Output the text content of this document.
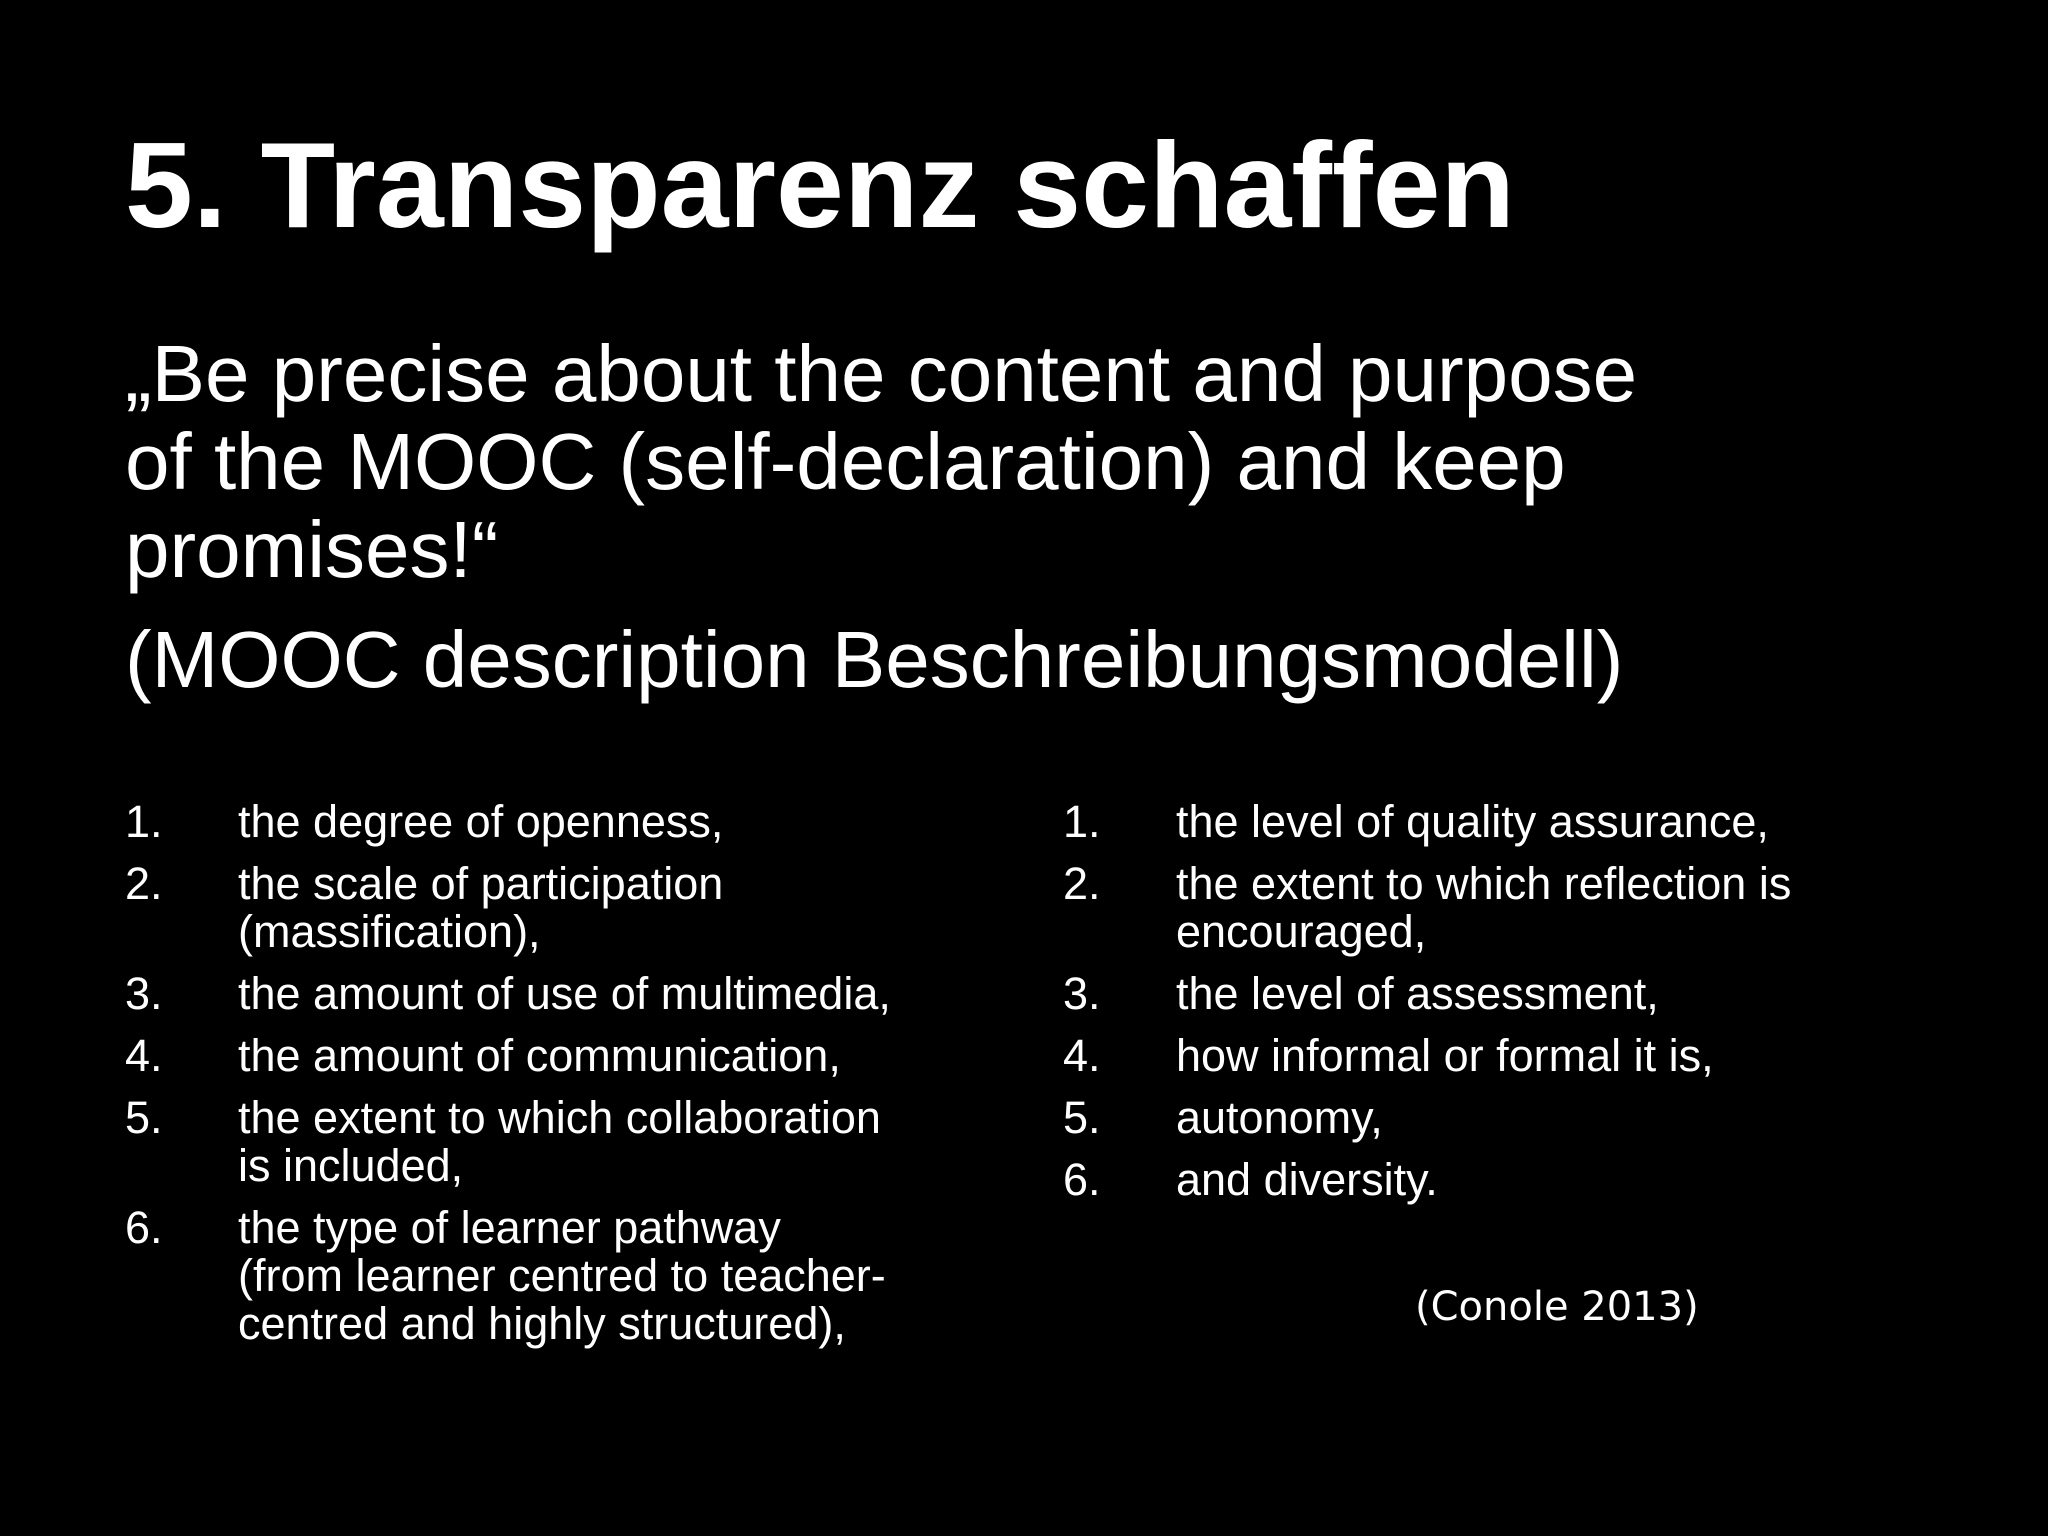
5. Transparenz schaffen
„Be precise about the content and purpose
of the MOOC (self-declaration) and keep
promises!“
(MOOC description Beschreibungsmodell)
1. the degree of openness,
2. the scale of participation
(massification),
3. the amount of use of multimedia,
4. the amount of communication,
5. the extent to which collaboration
is included,
6. the type of learner pathway
(from learner centred to teacher-
centred and highly structured),
1. the level of quality assurance,
2. the extent to which reflection is
encouraged,
3. the level of assessment,
4. how informal or formal it is,
5. autonomy,
6. and diversity.
(Conole 2013)
